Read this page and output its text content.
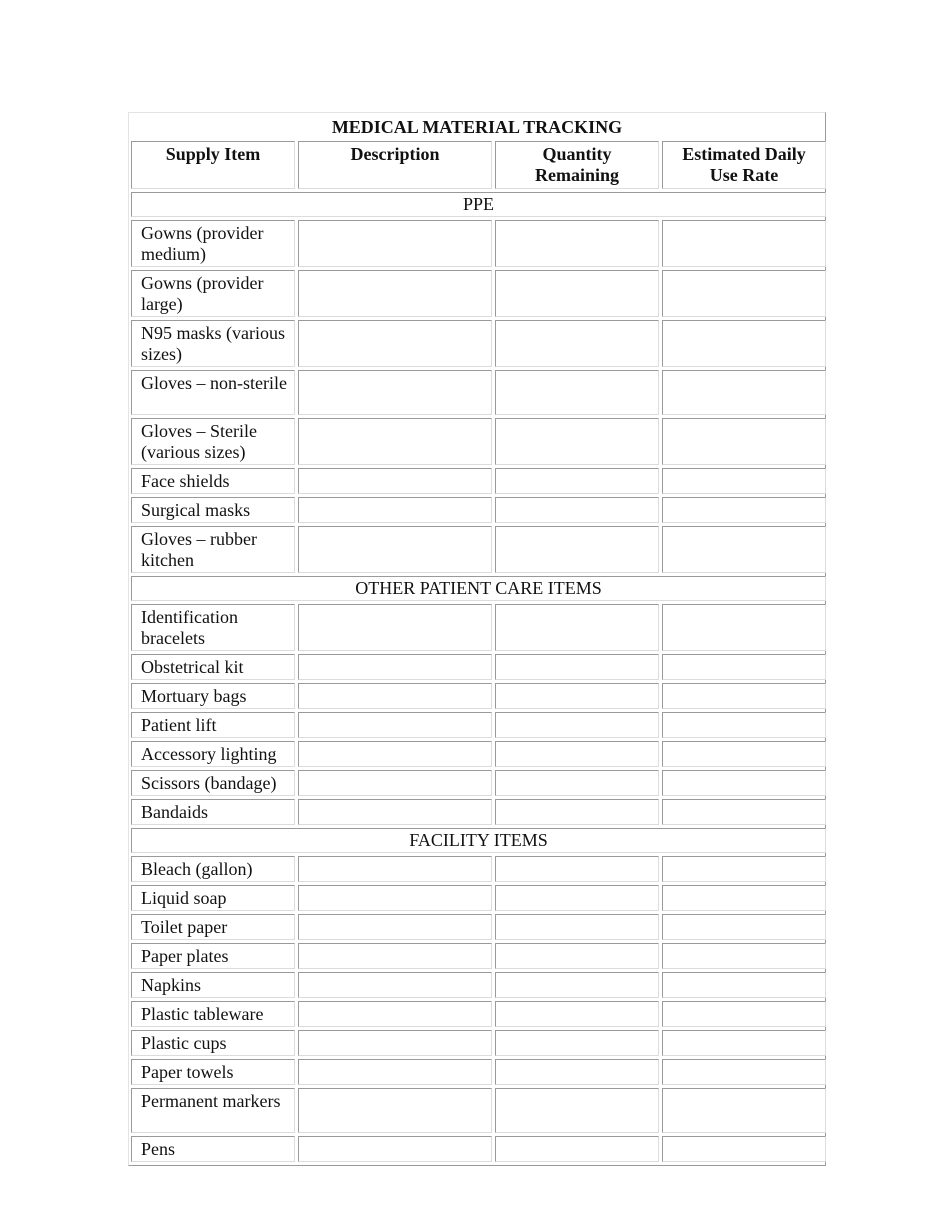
MEDICAL MATERIAL TRACKING
Supply Item	Description	Quantity Remaining	Estimated Daily Use Rate
PPE			
Gowns (provider medium)			
Gowns (provider large)			
N95 masks (various sizes)			
Gloves – non-sterile			
Gloves – Sterile (various sizes)			
Face shields			
Surgical masks			
Gloves – rubber kitchen			
OTHER PATIENT CARE ITEMS			
Identification bracelets			
Obstetrical kit			
Mortuary bags			
Patient lift			
Accessory lighting			
Scissors (bandage)			
Bandaids			
FACILITY ITEMS			
Bleach (gallon)			
Liquid soap			
Toilet paper			
Paper plates			
Napkins			
Plastic tableware			
Plastic cups			
Paper towels			
Permanent markers			
Pens			
